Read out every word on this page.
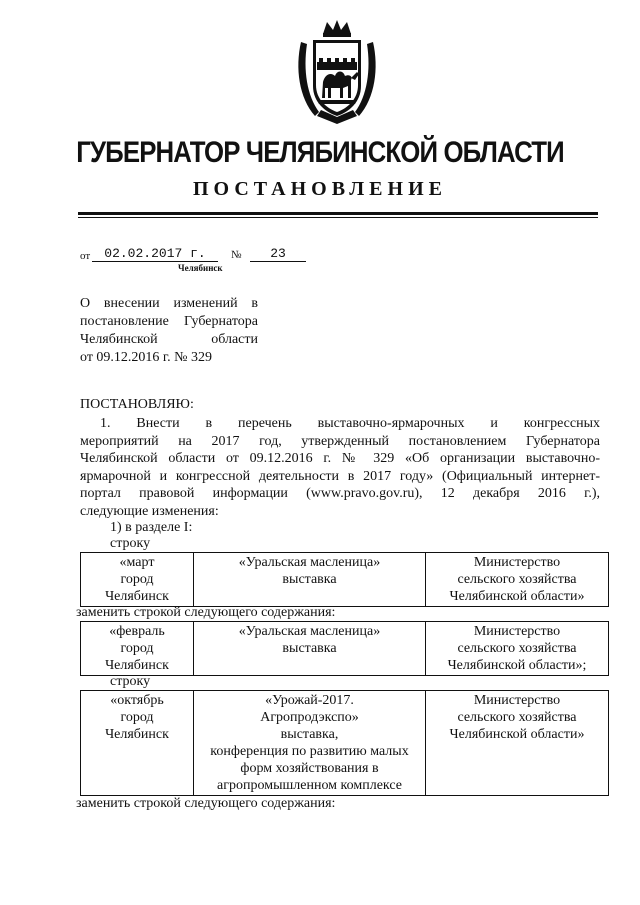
ГУБЕРНАТОР ЧЕЛЯБИНСКОЙ ОБЛАСТИ
ПОСТАНОВЛЕНИЕ
от	02.02.2017 г.	№	23
Челябинск
О внесении изменений в
постановление Губернатора
Челябинской области
от 09.12.2016 г. № 329
ПОСТАНОВЛЯЮ:
1. Внести в перечень выставочно-ярмарочных и конгрессных
мероприятий на 2017 год, утвержденный постановлением Губернатора
Челябинской области от 09.12.2016 г. № 329 «Об организации выставочно-
ярмарочной и конгрессной деятельности в 2017 году» (Официальный интернет-
портал правовой информации (www.pravo.gov.ru), 12 декабря 2016 г.),
следующие изменения:
1) в разделе I:
строку
«март
город
Челябинск

«Уральская масленица»
выставка

Министерство
сельского хозяйства
Челябинской области»
заменить строкой следующего содержания:
«февраль
город
Челябинск

«Уральская масленица»
выставка

Министерство
сельского хозяйства
Челябинской области»;
строку
«октябрь
город
Челябинск

«Урожай-2017.
Агропродэкспо»
выставка,
конференция по развитию малых
форм хозяйствования в
агропромышленном комплексе

Министерство
сельского хозяйства
Челябинской области»
заменить строкой следующего содержания:
